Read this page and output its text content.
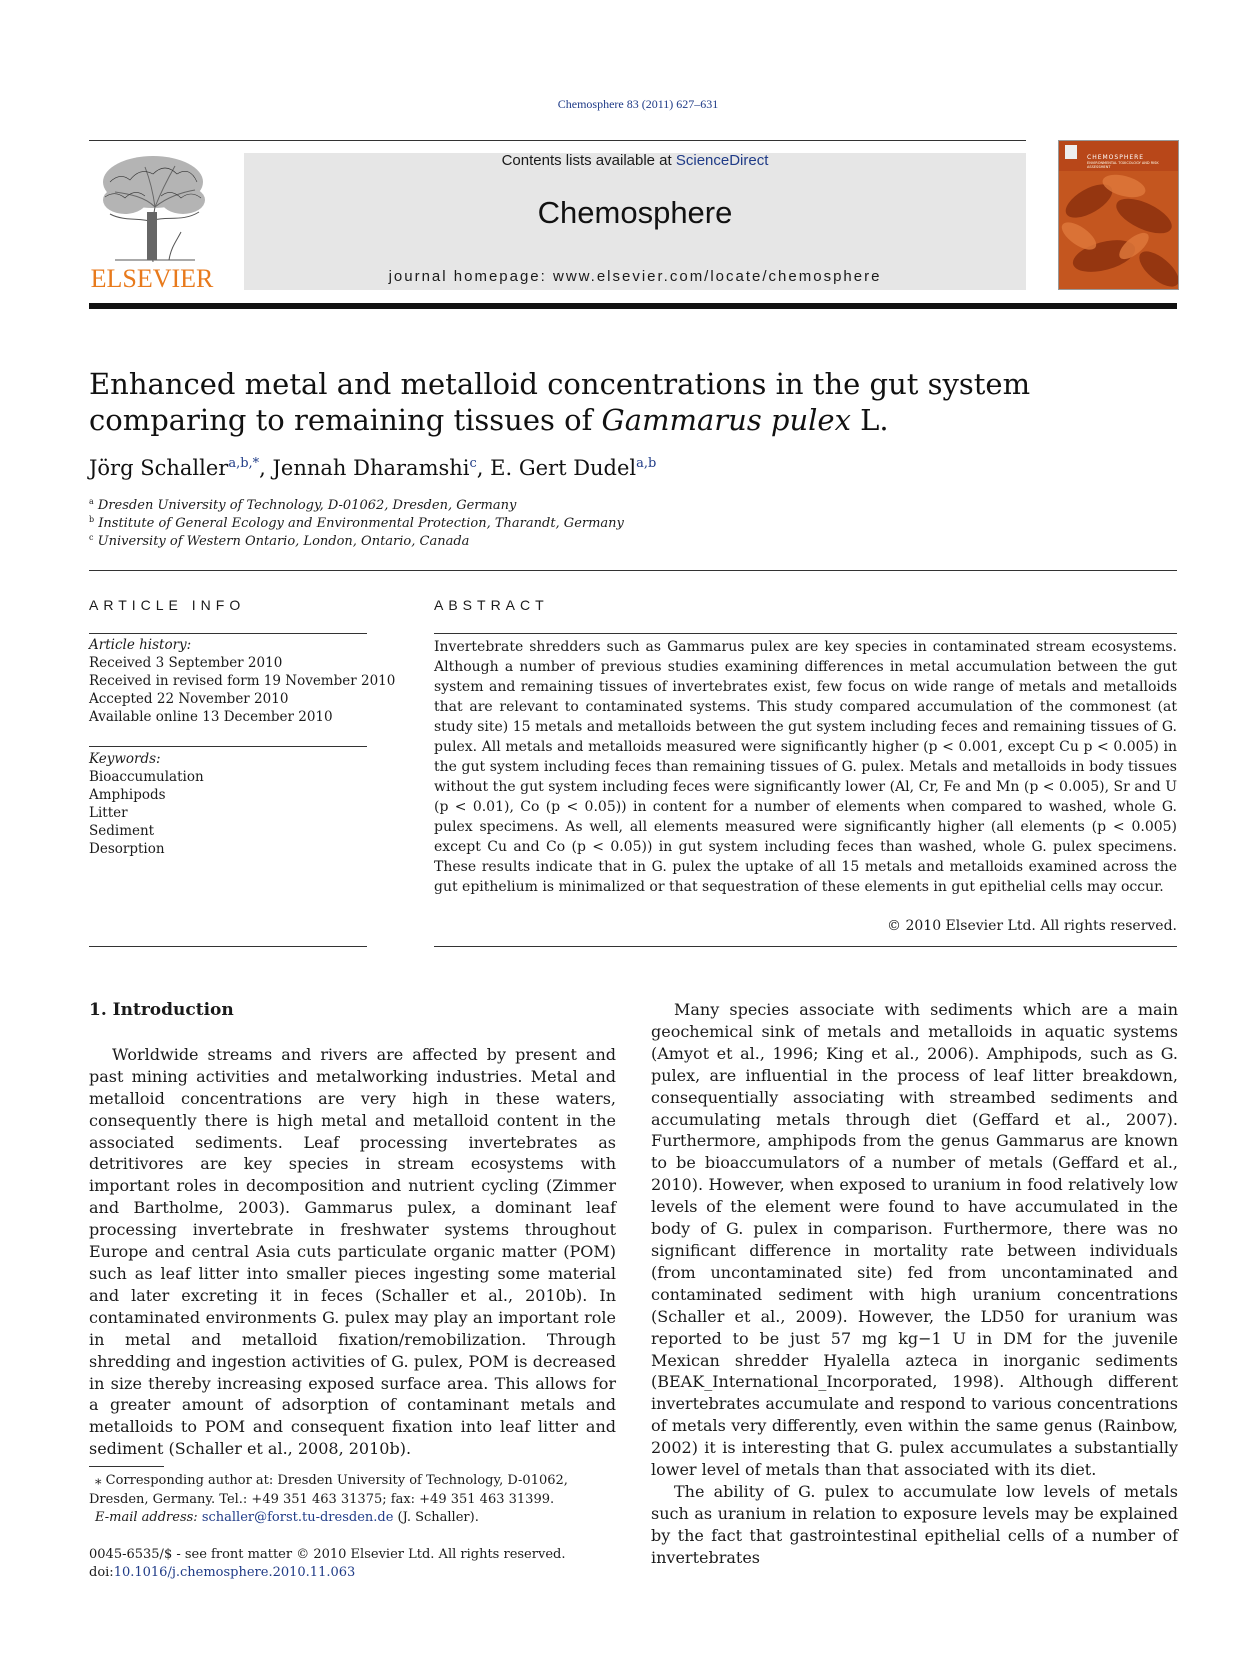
Chemosphere 83 (2011) 627–631
ELSEVIER
Contents lists available at ScienceDirect
Chemosphere
journal homepage: www.elsevier.com/locate/chemosphere
CHEMOSPHERE
ENVIRONMENTAL TOXICOLOGY AND RISK ASSESSMENT
Enhanced metal and metalloid concentrations in the gut system comparing to remaining tissues of Gammarus pulex L.
Jörg Schaller$^{a,b,*}$, Jennah Dharamshi$^c$, E. Gert Dudel$^{a,b}$
$^a$ Dresden University of Technology, D-01062, Dresden, Germany
$^b$ Institute of General Ecology and Environmental Protection, Tharandt, Germany
$^c$ University of Western Ontario, London, Ontario, Canada
ARTICLE INFO
Article history:
Received 3 September 2010
Received in revised form 19 November 2010
Accepted 22 November 2010
Available online 13 December 2010
Keywords:
Bioaccumulation
Amphipods
Litter
Sediment
Desorption
ABSTRACT

Invertebrate shredders such as Gammarus pulex are key species in contaminated stream ecosystems. Although a number of previous studies examining differences in metal accumulation between the gut system and remaining tissues of invertebrates exist, few focus on wide range of metals and metalloids that are relevant to contaminated systems. This study compared accumulation of the commonest (at study site) 15 metals and metalloids between the gut system including feces and remaining tissues of G. pulex. All metals and metalloids measured were significantly higher (p < 0.001, except Cu p < 0.005) in the gut system including feces than remaining tissues of G. pulex. Metals and metalloids in body tissues without the gut system including feces were significantly lower (Al, Cr, Fe and Mn (p < 0.005), Sr and U (p < 0.01), Co (p < 0.05)) in content for a number of elements when compared to washed, whole G. pulex specimens. As well, all elements measured were significantly higher (all elements (p < 0.005) except Cu and Co (p < 0.05)) in gut system including feces than washed, whole G. pulex specimens. These results indicate that in G. pulex the uptake of all 15 metals and metalloids examined across the gut epithelium is minimalized or that sequestration of these elements in gut epithelial cells may occur.

© 2010 Elsevier Ltd. All rights reserved.
1. Introduction

Worldwide streams and rivers are affected by present and past mining activities and metalworking industries. Metal and metalloid concentrations are very high in these waters, consequently there is high metal and metalloid content in the associated sediments. Leaf processing invertebrates as detritivores are key species in stream ecosystems with important roles in decomposition and nutrient cycling (Zimmer and Bartholme, 2003). Gammarus pulex, a dominant leaf processing invertebrate in freshwater systems throughout Europe and central Asia cuts particulate organic matter (POM) such as leaf litter into smaller pieces ingesting some material and later excreting it in feces (Schaller et al., 2010b). In contaminated environments G. pulex may play an important role in metal and metalloid fixation/remobilization. Through shredding and ingestion activities of G. pulex, POM is decreased in size thereby increasing exposed surface area. This allows for a greater amount of adsorption of contaminant metals and metalloids to POM and consequent fixation into leaf litter and sediment (Schaller et al., 2008, 2010b).

Many species associate with sediments which are a main geochemical sink of metals and metalloids in aquatic systems (Amyot et al., 1996; King et al., 2006). Amphipods, such as G. pulex, are influential in the process of leaf litter breakdown, consequentially associating with streambed sediments and accumulating metals through diet (Geffard et al., 2007). Furthermore, amphipods from the genus Gammarus are known to be bioaccumulators of a number of metals (Geffard et al., 2010). However, when exposed to uranium in food relatively low levels of the element were found to have accumulated in the body of G. pulex in comparison. Furthermore, there was no significant difference in mortality rate between individuals (from uncontaminated site) fed from uncontaminated and contaminated sediment with high uranium concentrations (Schaller et al., 2009). However, the LD50 for uranium was reported to be just 57 mg kg−1 U in DM for the juvenile Mexican shredder Hyalella azteca in inorganic sediments (BEAK_International_Incorporated, 1998). Although different invertebrates accumulate and respond to various concentrations of metals very differently, even within the same genus (Rainbow, 2002) it is interesting that G. pulex accumulates a substantially lower level of metals than that associated with its diet.

The ability of G. pulex to accumulate low levels of metals such as uranium in relation to exposure levels may be explained by the fact that gastrointestinal epithelial cells of a number of invertebrates

⁎ Corresponding author at: Dresden University of Technology, D-01062, Dresden, Germany. Tel.: +49 351 463 31375; fax: +49 351 463 31399.
E-mail address: schaller@forst.tu-dresden.de (J. Schaller).
0045-6535/$ - see front matter © 2010 Elsevier Ltd. All rights reserved.
doi:10.1016/j.chemosphere.2010.11.063
